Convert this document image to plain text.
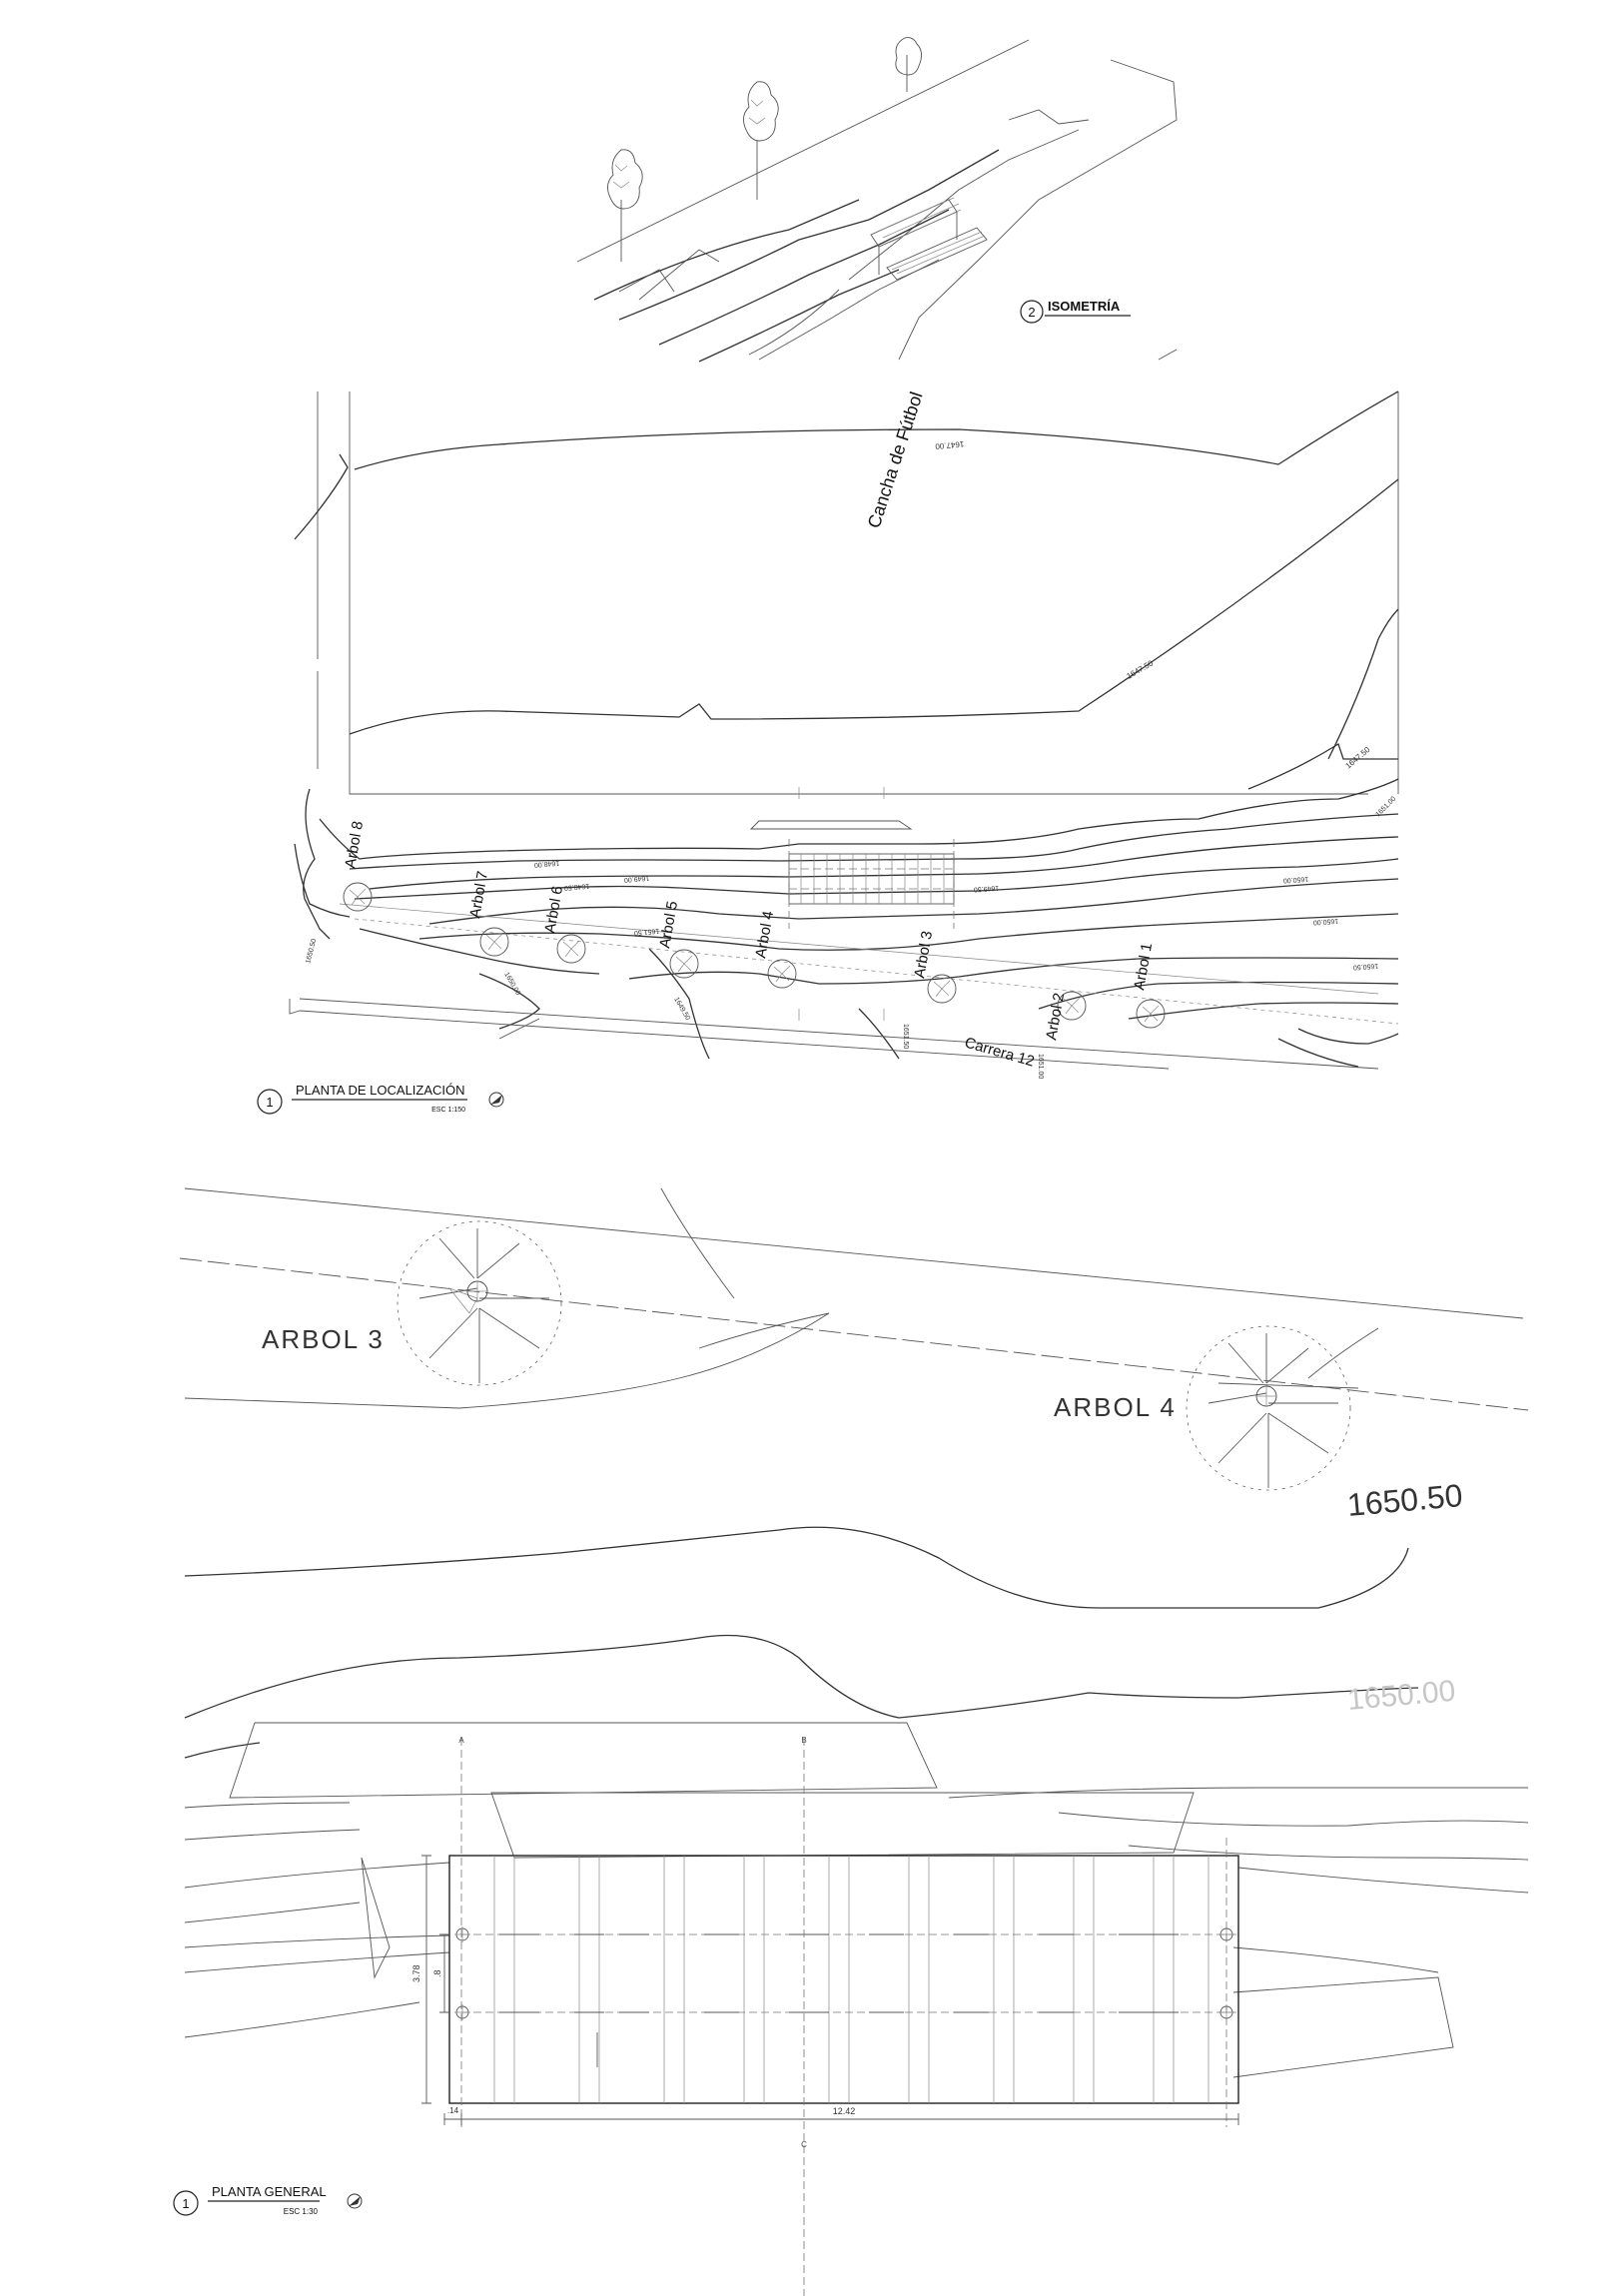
2 ISOMETRÍA
Cancha de Fútbol 1647.00
1647.50
1647.50
Arbol 1
Arbol 2
Arbol 3
Arbol 4
Arbol 5
Arbol 6
Arbol 7
Arbol 8
Carrera 12
1648.00
1648.50
1649.00
1649.50
1650.00
1650.00
1650.50
1651.00
1651.50
1650.50
1650.00
1649.50
1651.50
1651.00
1
PLANTA DE LOCALIZACIÓN
ESC 1:150
ARBOL 3
ARBOL 4
1650.50
1650.00
A	B
C
3.78 .8
.14	12.42
1
PLANTA GENERAL
ESC 1:30
